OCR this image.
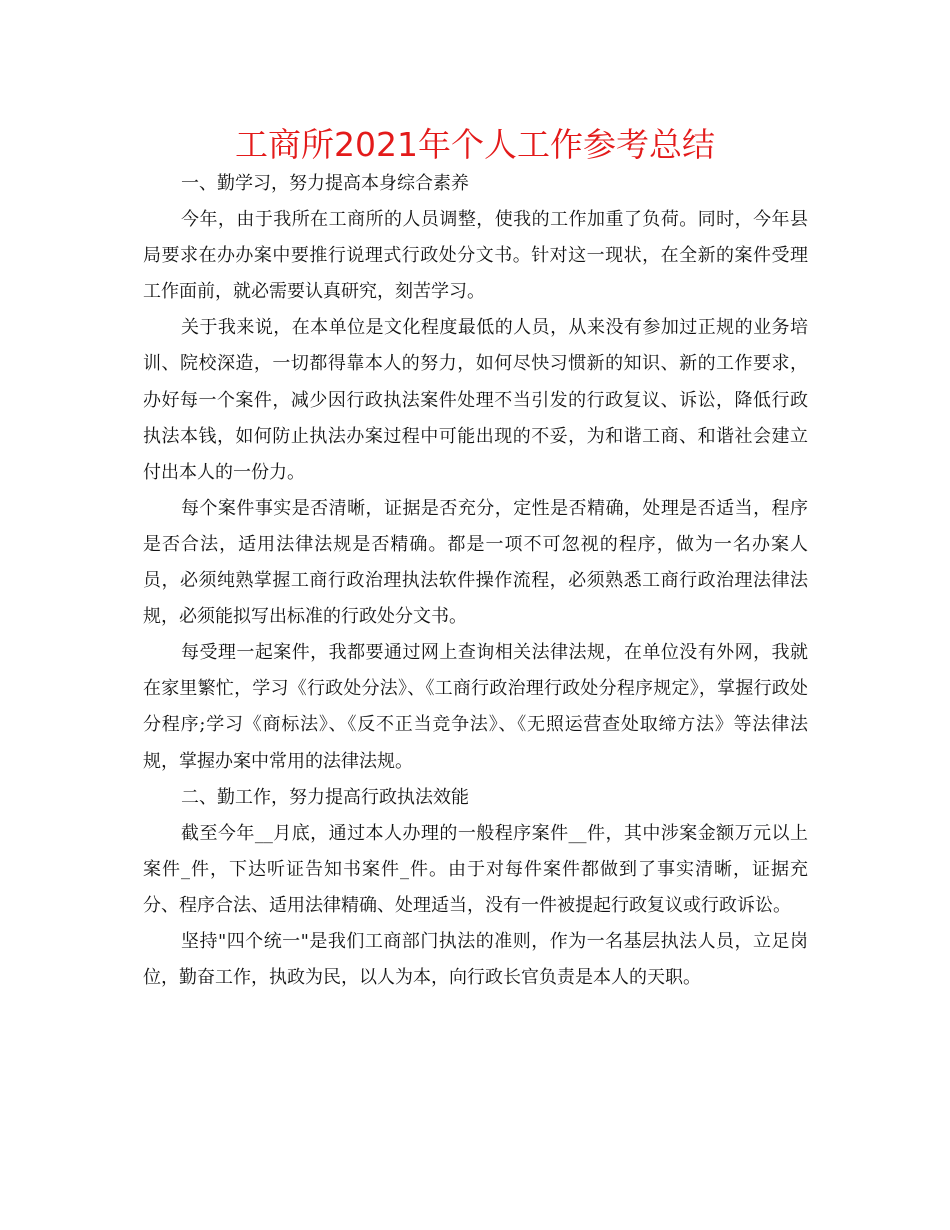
工商所2021年个人工作参考总结

一、勤学习，努力提高本身综合素养

今年，由于我所在工商所的人员调整，使我的工作加重了负荷。同时，今年县局要求在办办案中要推行说理式行政处分文书。针对这一现状，在全新的案件受理工作面前，就必需要认真研究，刻苦学习。

关于我来说，在本单位是文化程度最低的人员，从来没有参加过正规的业务培训、院校深造，一切都得靠本人的努力，如何尽快习惯新的知识、新的工作要求，办好每一个案件，减少因行政执法案件处理不当引发的行政复议、诉讼，降低行政执法本钱，如何防止执法办案过程中可能出现的不妥，为和谐工商、和谐社会建立付出本人的一份力。

每个案件事实是否清晰，证据是否充分，定性是否精确，处理是否适当，程序是否合法，适用法律法规是否精确。都是一项不可忽视的程序，做为一名办案人员，必须纯熟掌握工商行政治理执法软件操作流程，必须熟悉工商行政治理法律法规，必须能拟写出标准的行政处分文书。

每受理一起案件，我都要通过网上查询相关法律法规，在单位没有外网，我就在家里繁忙，学习《行政处分法》、《工商行政治理行政处分程序规定》，掌握行政处分程序;学习《商标法》、《反不正当竞争法》、《无照运营查处取缔方法》等法律法规，掌握办案中常用的法律法规。

二、勤工作，努力提高行政执法效能

截至今年__月底，通过本人办理的一般程序案件__件，其中涉案金额万元以上案件_件，下达听证告知书案件_件。由于对每件案件都做到了事实清晰，证据充分、程序合法、适用法律精确、处理适当，没有一件被提起行政复议或行政诉讼。

坚持"四个统一"是我们工商部门执法的准则，作为一名基层执法人员，立足岗位，勤奋工作，执政为民，以人为本，向行政长官负责是本人的天职。
